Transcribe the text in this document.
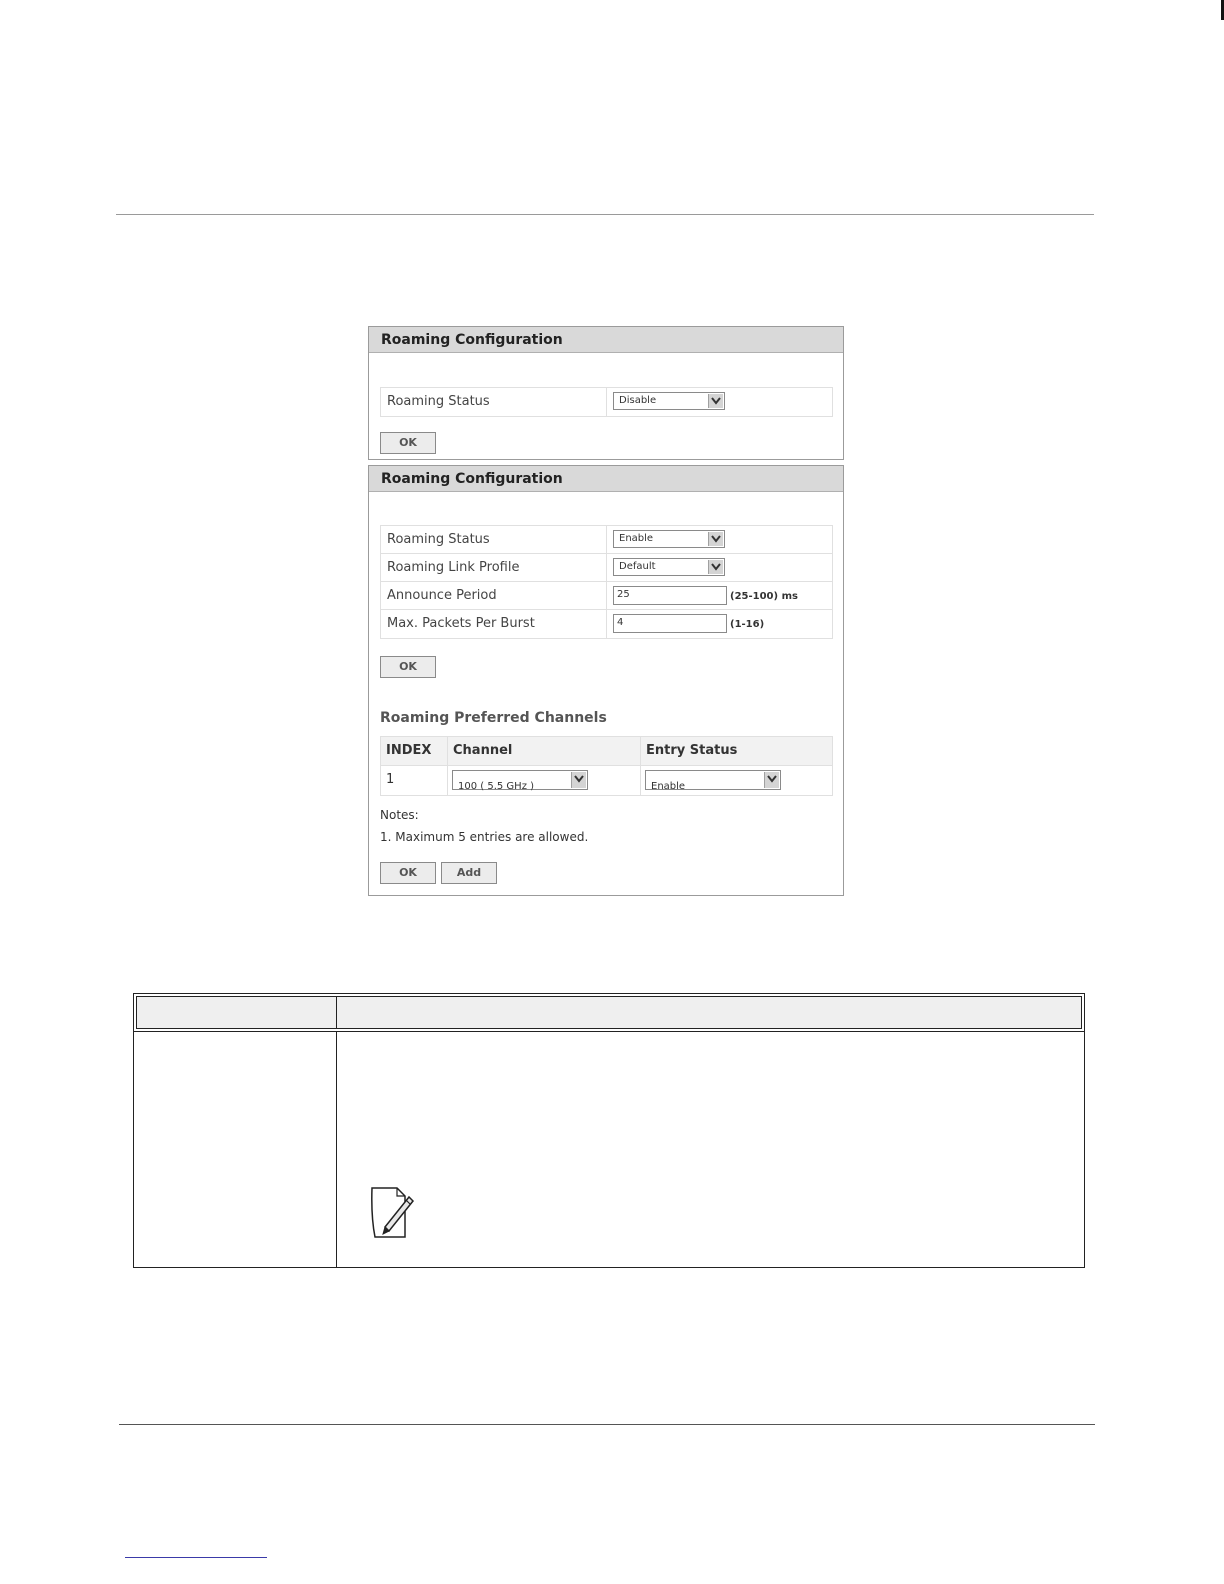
Roaming Configuration
Roaming Status	Disable
OK
Roaming Configuration
Roaming Status	Enable
Roaming Link Profile	Default
Announce Period	25	(25-100) ms
Max. Packets Per Burst	4	(1-16)
OK
Roaming Preferred Channels
INDEX	Channel	Entry Status
1	100 ( 5.5 GHz )	Enable
Notes:
1. Maximum 5 entries are allowed.
OK	Add
